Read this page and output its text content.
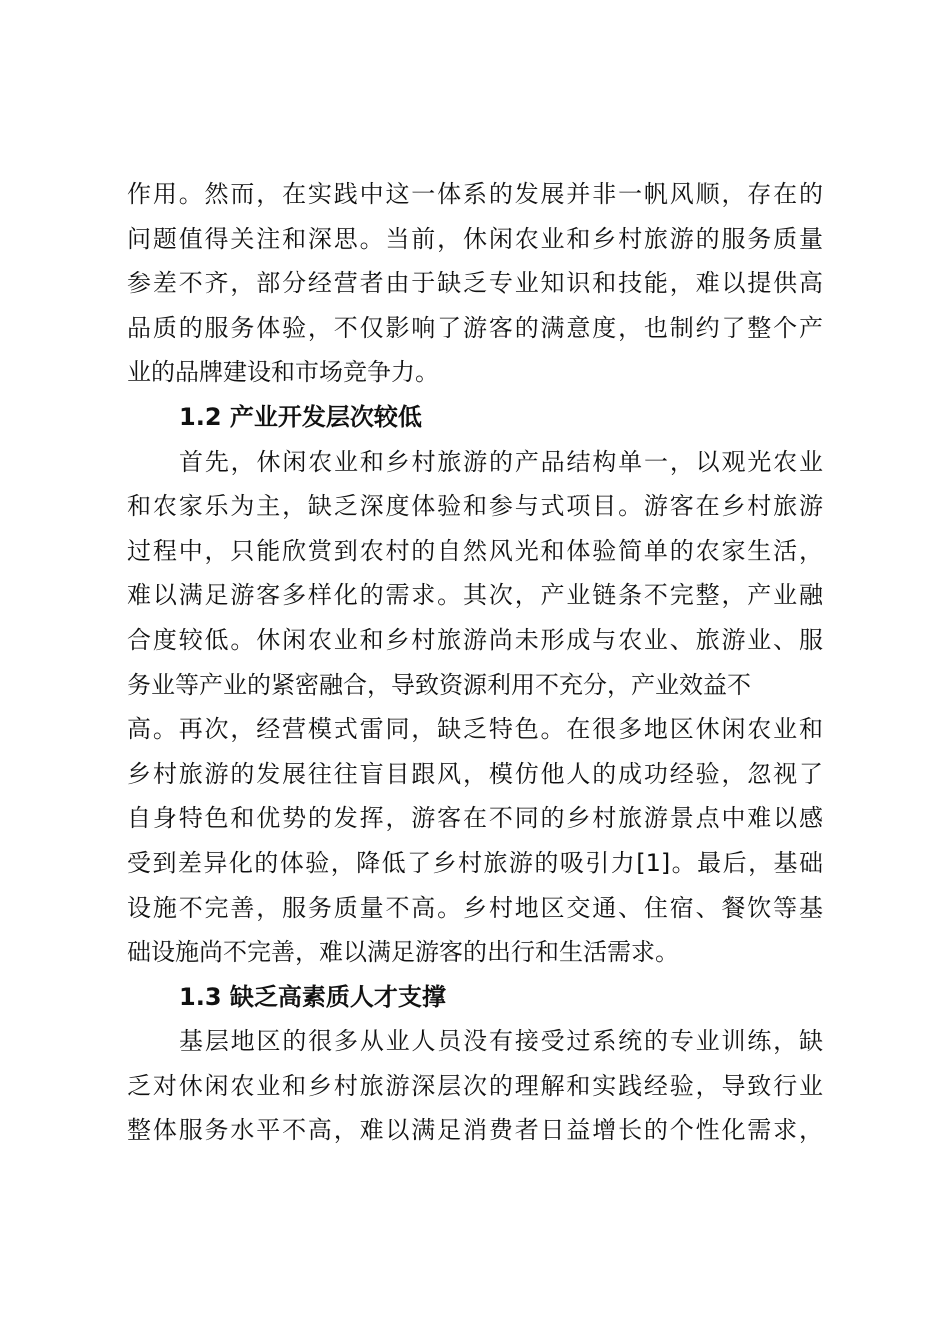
作用。然而，在实践中这一体系的发展并非一帆风顺，存在的
问题值得关注和深思。当前，休闲农业和乡村旅游的服务质量
参差不齐，部分经营者由于缺乏专业知识和技能，难以提供高
品质的服务体验，不仅影响了游客的满意度，也制约了整个产
业的品牌建设和市场竞争力。
1.2 产业开发层次较低
首先，休闲农业和乡村旅游的产品结构单一，以观光农业
和农家乐为主，缺乏深度体验和参与式项目。游客在乡村旅游
过程中，只能欣赏到农村的自然风光和体验简单的农家生活，
难以满足游客多样化的需求。其次，产业链条不完整，产业融
合度较低。休闲农业和乡村旅游尚未形成与农业、旅游业、服
务业等产业的紧密融合，导致资源利用不充分，产业效益不
高。再次，经营模式雷同，缺乏特色。在很多地区休闲农业和
乡村旅游的发展往往盲目跟风，模仿他人的成功经验，忽视了
自身特色和优势的发挥，游客在不同的乡村旅游景点中难以感
受到差异化的体验，降低了乡村旅游的吸引力[1]。最后，基础
设施不完善，服务质量不高。乡村地区交通、住宿、餐饮等基
础设施尚不完善，难以满足游客的出行和生活需求。
1.3 缺乏高素质人才支撑
基层地区的很多从业人员没有接受过系统的专业训练，缺
乏对休闲农业和乡村旅游深层次的理解和实践经验，导致行业
整体服务水平不高，难以满足消费者日益增长的个性化需求，
